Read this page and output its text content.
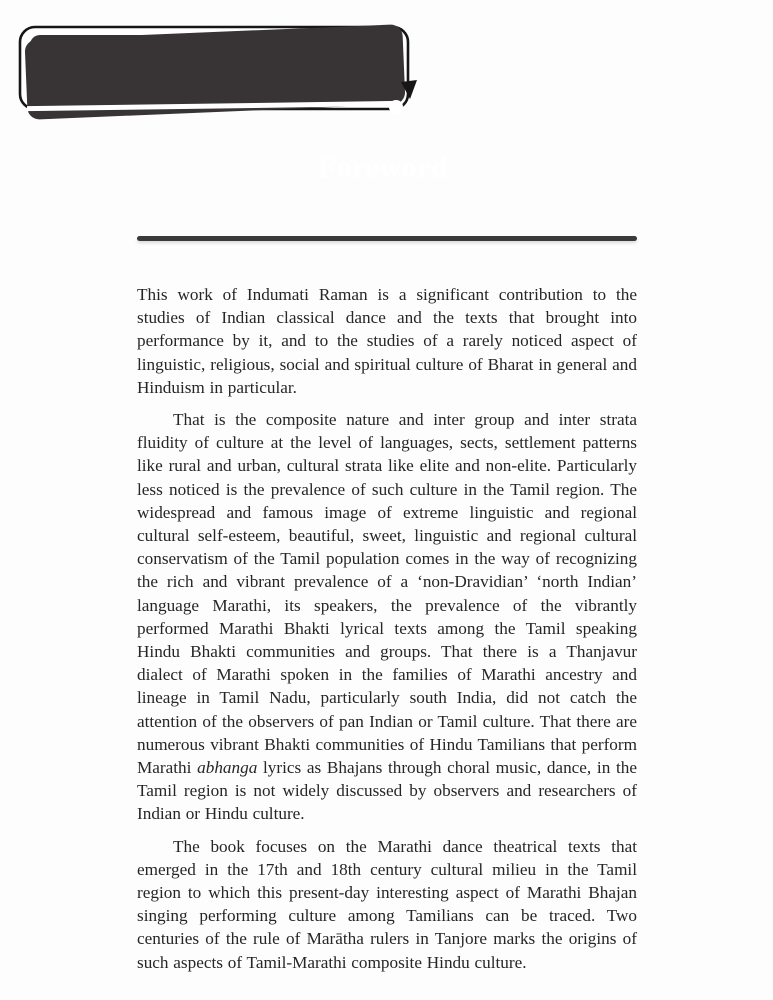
Foreword

This work of Indumati Raman is a significant contribution to the studies of Indian classical dance and the texts that brought into performance by it, and to the studies of a rarely noticed aspect of linguistic, religious, social and spiritual culture of Bharat in general and Hinduism in particular.

That is the composite nature and inter group and inter strata fluidity of culture at the level of languages, sects, settlement patterns like rural and urban, cultural strata like elite and non-elite. Particularly less noticed is the prevalence of such culture in the Tamil region. The widespread and famous image of extreme linguistic and regional cultural self-esteem, beautiful, sweet, linguistic and regional cultural conservatism of the Tamil population comes in the way of recognizing the rich and vibrant prevalence of a ‘non-Dravidian’ ‘north Indian’ language Marathi, its speakers, the prevalence of the vibrantly performed Marathi Bhakti lyrical texts among the Tamil speaking Hindu Bhakti communities and groups. That there is a Thanjavur dialect of Marathi spoken in the families of Marathi ancestry and lineage in Tamil Nadu, particularly south India, did not catch the attention of the observers of pan Indian or Tamil culture. That there are numerous vibrant Bhakti communities of Hindu Tamilians that perform Marathi abhanga lyrics as Bhajans through choral music, dance, in the Tamil region is not widely discussed by observers and researchers of Indian or Hindu culture.

The book focuses on the Marathi dance theatrical texts that emerged in the 17th and 18th century cultural milieu in the Tamil region to which this present-day interesting aspect of Marathi Bhajan singing performing culture among Tamilians can be traced. Two centuries of the rule of Marātha rulers in Tanjore marks the origins of such aspects of Tamil-Marathi composite Hindu culture.
